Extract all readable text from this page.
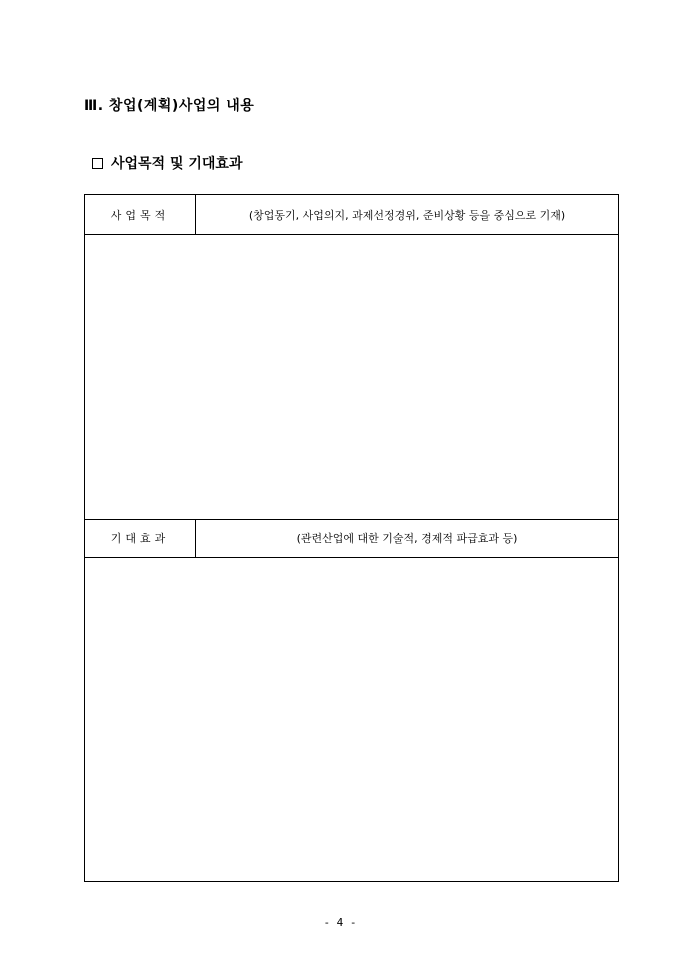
Ⅲ. 창업(계획)사업의 내용
사업목적 및 기대효과
사업목적	(창업동기, 사업의지, 과제선정경위, 준비상황 등을 중심으로 기재)

기대효과	(관련산업에 대한 기술적, 경제적 파급효과 등)

- 4 -
